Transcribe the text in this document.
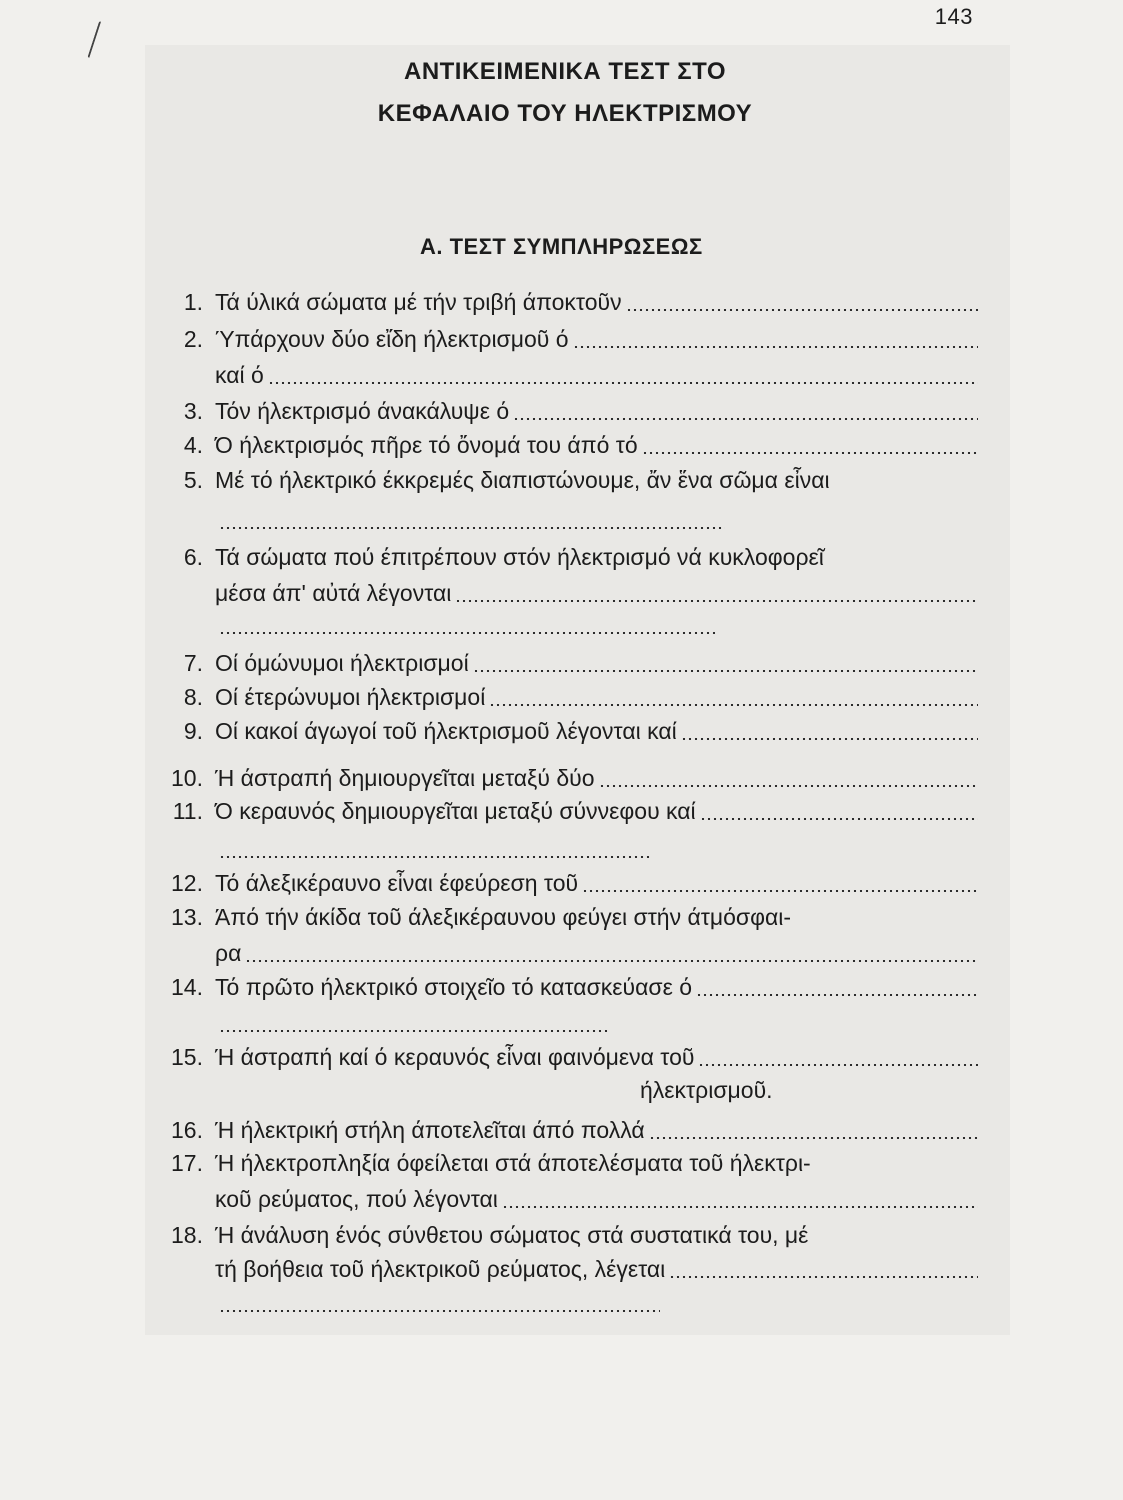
143
ΑΝΤΙΚΕΙΜΕΝΙΚΑ ΤΕΣΤ ΣΤΟ
ΚΕΦΑΛΑΙΟ ΤΟΥ ΗΛΕΚΤΡΙΣΜΟΥ
Α. ΤΕΣΤ ΣΥΜΠΛΗΡΩΣΕΩΣ
1. Τά ύλικά σώματα μέ τήν τριβή άποκτοῦν
2. Ύπάρχουν δύο εἴδη ήλεκτρισμοῦ ό
καί ό
3. Τόν ήλεκτρισμό άνακάλυψε ό
4. Ό ήλεκτρισμός πῆρε τό ὄνομά του άπό τό
5. Μέ τό ήλεκτρικό έκκρεμές διαπιστώνουμε, ἄν ἕνα σῶμα εἶναι
6. Τά σώματα πού έπιτρέπουν στόν ήλεκτρισμό νά κυκλοφορεῖ
μέσα άπ' αὐτά λέγονται
7. Οί όμώνυμοι ήλεκτρισμοί
8. Οί έτερώνυμοι ήλεκτρισμοί
9. Οί κακοί άγωγοί τοῦ ήλεκτρισμοῦ λέγονται καί
10. Ή άστραπή δημιουργεῖται μεταξύ δύο
11. Ό κεραυνός δημιουργεῖται μεταξύ σύννεφου καί
12. Τό άλεξικέραυνο εἶναι έφεύρεση τοῦ
13. Άπό τήν άκίδα τοῦ άλεξικέραυνου φεύγει στήν άτμόσφαι-
ρα
14. Τό πρῶτο ήλεκτρικό στοιχεῖο τό κατασκεύασε ό
15. Ή άστραπή καί ό κεραυνός εἶναι φαινόμενα τοῦ
ήλεκτρισμοῦ.
16. Ή ήλεκτρική στήλη άποτελεῖται άπό πολλά
17. Ή ήλεκτροπληξία όφείλεται στά άποτελέσματα τοῦ ήλεκτρι-
κοῦ ρεύματος, πού λέγονται
18. Ή άνάλυση ένός σύνθετου σώματος στά συστατικά του, μέ
τή βοήθεια τοῦ ήλεκτρικοῦ ρεύματος, λέγεται
